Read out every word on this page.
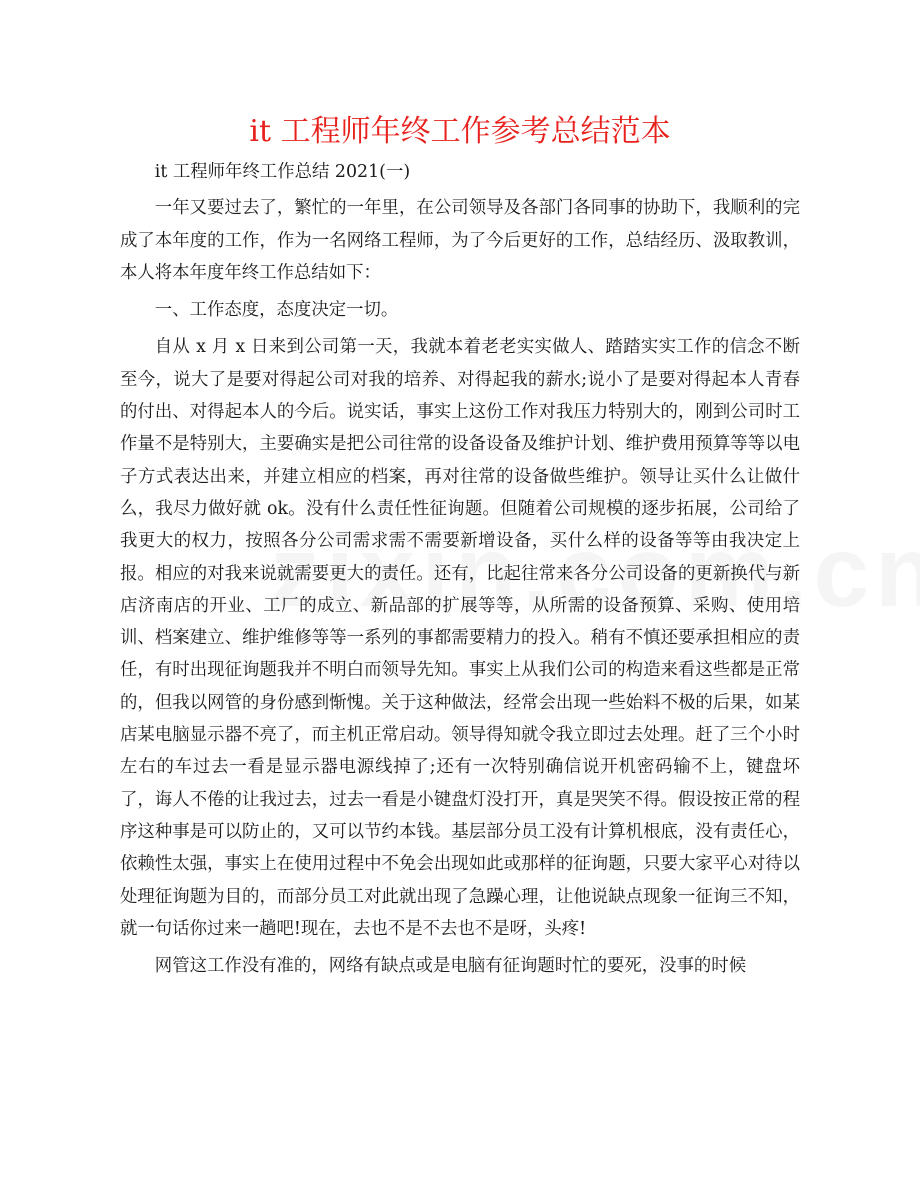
it 工程师年终工作参考总结范本

it 工程师年终工作总结 2021(一)

一年又要过去了，繁忙的一年里，在公司领导及各部门各同事的协助下，我顺利的完成了本年度的工作，作为一名网络工程师，为了今后更好的工作，总结经历、汲取教训，本人将本年度年终工作总结如下：

一、工作态度，态度决定一切。

自从 x 月 x 日来到公司第一天，我就本着老老实实做人、踏踏实实工作的信念不断至今，说大了是要对得起公司对我的培养、对得起我的薪水;说小了是要对得起本人青春的付出、对得起本人的今后。说实话，事实上这份工作对我压力特别大的，刚到公司时工作量不是特别大，主要确实是把公司往常的设备设备及维护计划、维护费用预算等等以电子方式表达出来，并建立相应的档案，再对往常的设备做些维护。领导让买什么让做什么，我尽力做好就 ok。没有什么责任性征询题。但随着公司规模的逐步拓展，公司给了我更大的权力，按照各分公司需求需不需要新增设备，买什么样的设备等等由我决定上报。相应的对我来说就需要更大的责任。还有，比起往常来各分公司设备的更新换代与新店济南店的开业、工厂的成立、新品部的扩展等等，从所需的设备预算、采购、使用培训、档案建立、维护维修等等一系列的事都需要精力的投入。稍有不慎还要承担相应的责任，有时出现征询题我并不明白而领导先知。事实上从我们公司的构造来看这些都是正常的，但我以网管的身份感到惭愧。关于这种做法，经常会出现一些始料不极的后果，如某店某电脑显示器不亮了，而主机正常启动。领导得知就令我立即过去处理。赶了三个小时左右的车过去一看是显示器电源线掉了;还有一次特别确信说开机密码输不上，键盘坏了，诲人不倦的让我过去，过去一看是小键盘灯没打开，真是哭笑不得。假设按正常的程序这种事是可以防止的，又可以节约本钱。基层部分员工没有计算机根底，没有责任心，依赖性太强，事实上在使用过程中不免会出现如此或那样的征询题，只要大家平心对待以处理征询题为目的，而部分员工对此就出现了急躁心理，让他说缺点现象一征询三不知，就一句话你过来一趟吧!现在，去也不是不去也不是呀，头疼!

网管这工作没有准的，网络有缺点或是电脑有征询题时忙的要死，没事的时候
